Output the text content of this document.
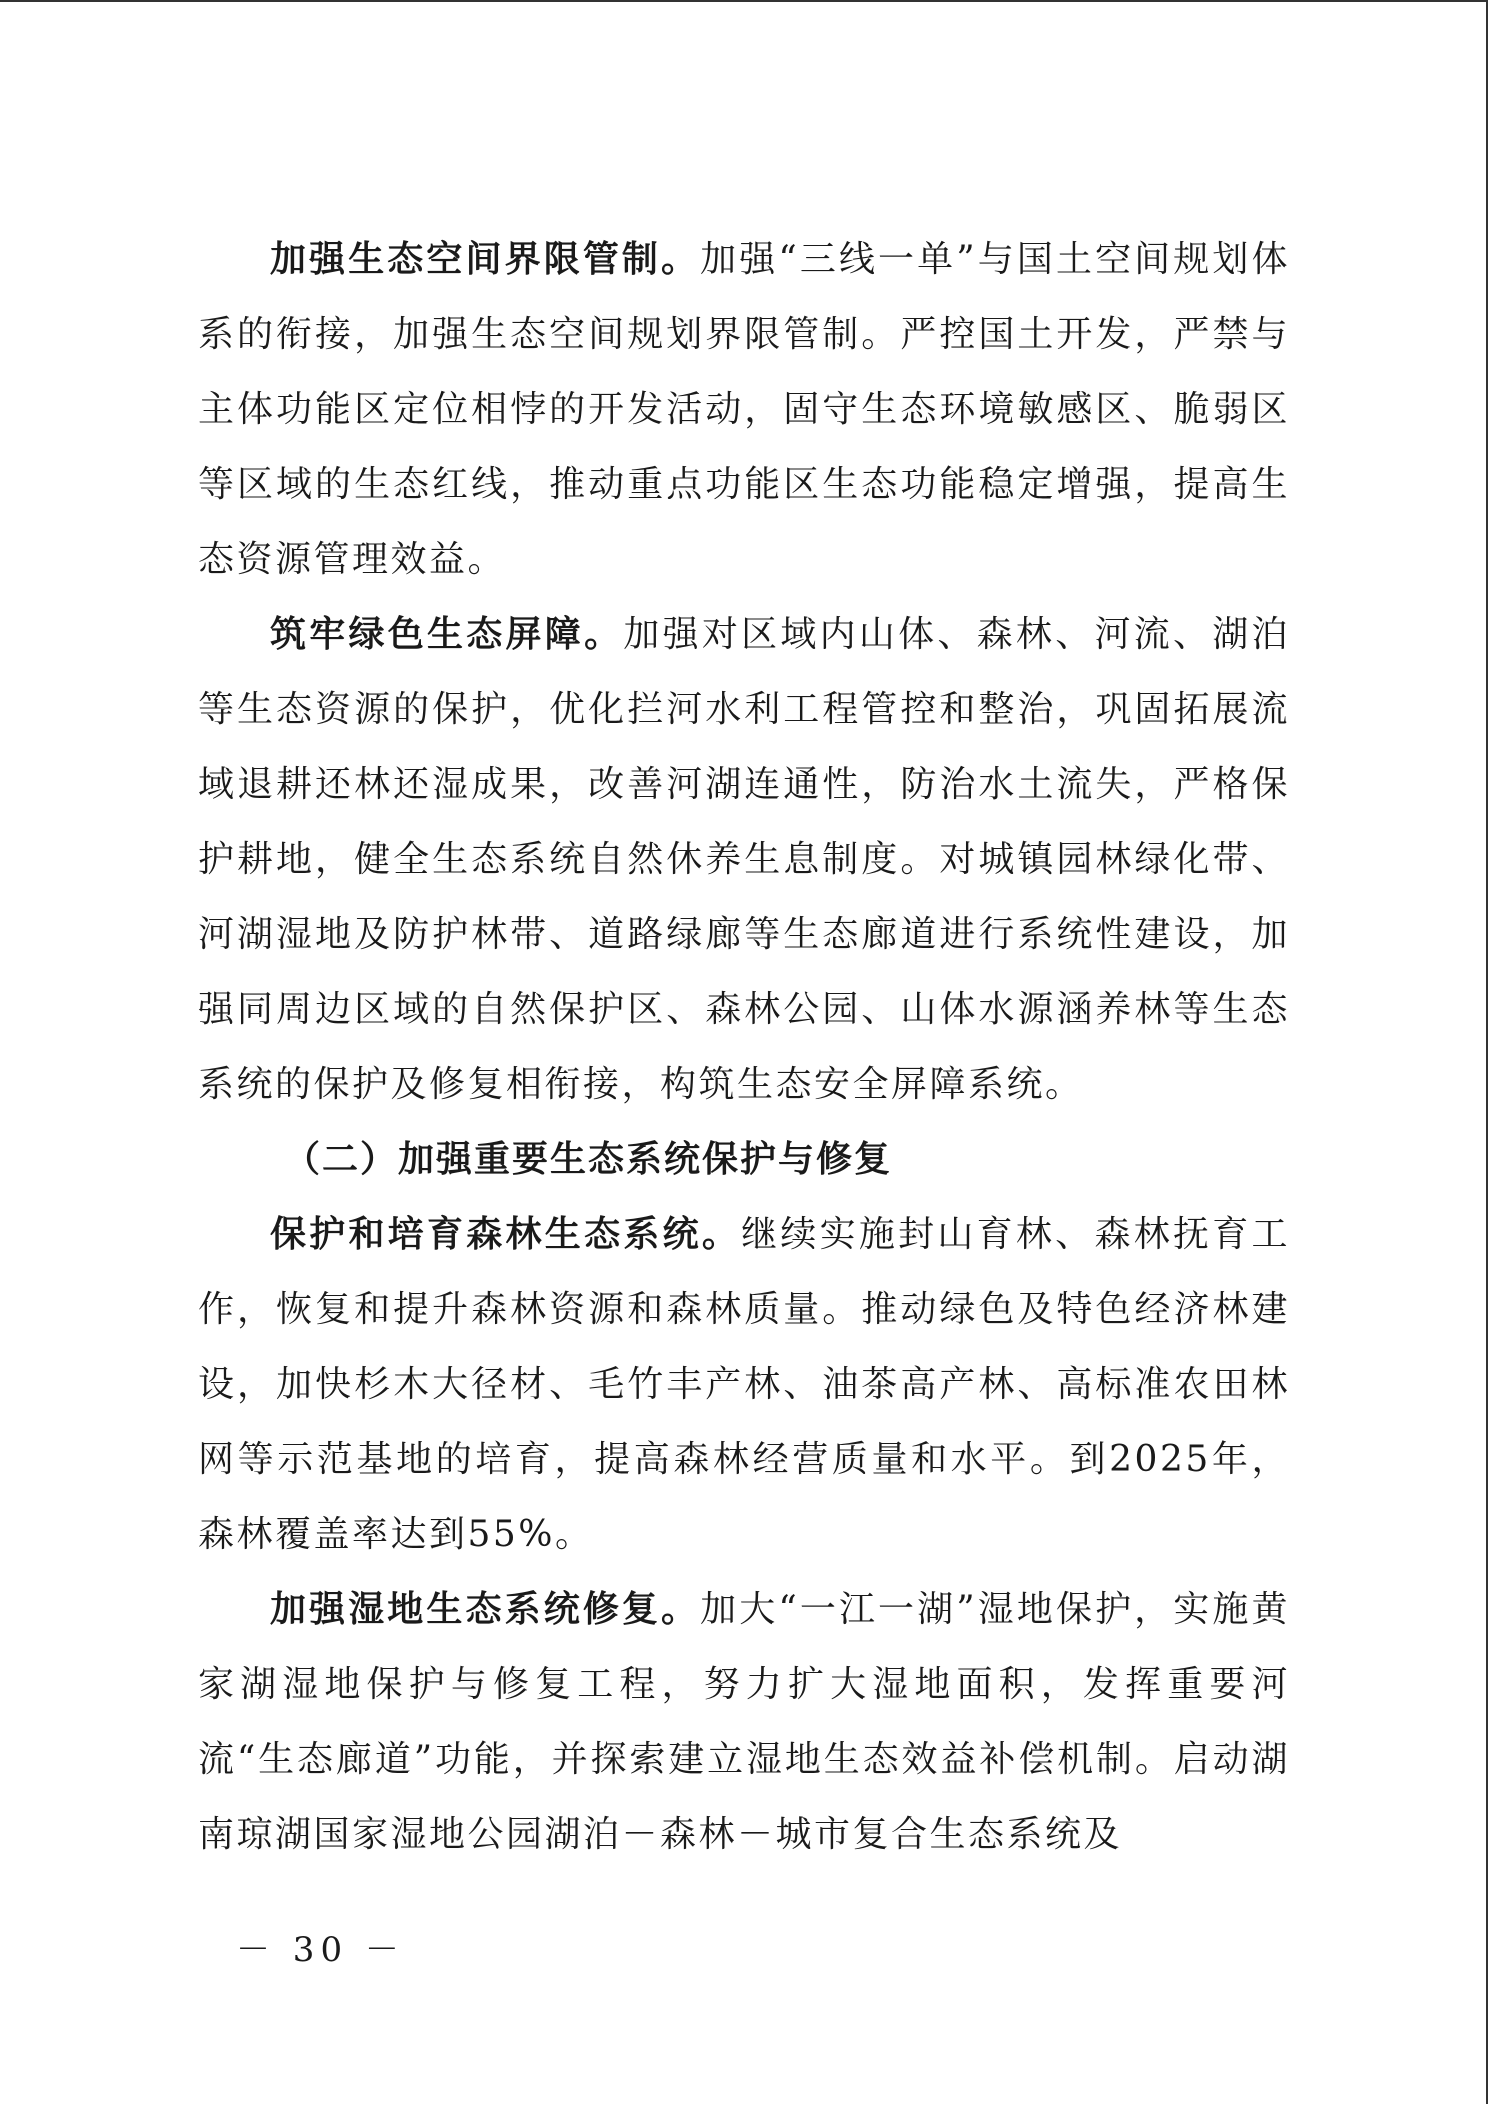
加强生态空间界限管制。加强“三线一单”与国土空间规划体系的衔接，加强生态空间规划界限管制。严控国土开发，严禁与主体功能区定位相悖的开发活动，固守生态环境敏感区、脆弱区等区域的生态红线，推动重点功能区生态功能稳定增强，提高生态资源管理效益。

筑牢绿色生态屏障。加强对区域内山体、森林、河流、湖泊等生态资源的保护，优化拦河水利工程管控和整治，巩固拓展流域退耕还林还湿成果，改善河湖连通性，防治水土流失，严格保护耕地，健全生态系统自然休养生息制度。对城镇园林绿化带、河湖湿地及防护林带、道路绿廊等生态廊道进行系统性建设，加强同周边区域的自然保护区、森林公园、山体水源涵养林等生态系统的保护及修复相衔接，构筑生态安全屏障系统。

（二）加强重要生态系统保护与修复

保护和培育森林生态系统。继续实施封山育林、森林抚育工作，恢复和提升森林资源和森林质量。推动绿色及特色经济林建设，加快杉木大径材、毛竹丰产林、油茶高产林、高标准农田林网等示范基地的培育，提高森林经营质量和水平。到2025年，森林覆盖率达到55%。

加强湿地生态系统修复。加大“一江一湖”湿地保护，实施黄家湖湿地保护与修复工程，努力扩大湿地面积，发挥重要河流“生态廊道”功能，并探索建立湿地生态效益补偿机制。启动湖南琼湖国家湿地公园湖泊－森林－城市复合生态系统及

－ 30 －
